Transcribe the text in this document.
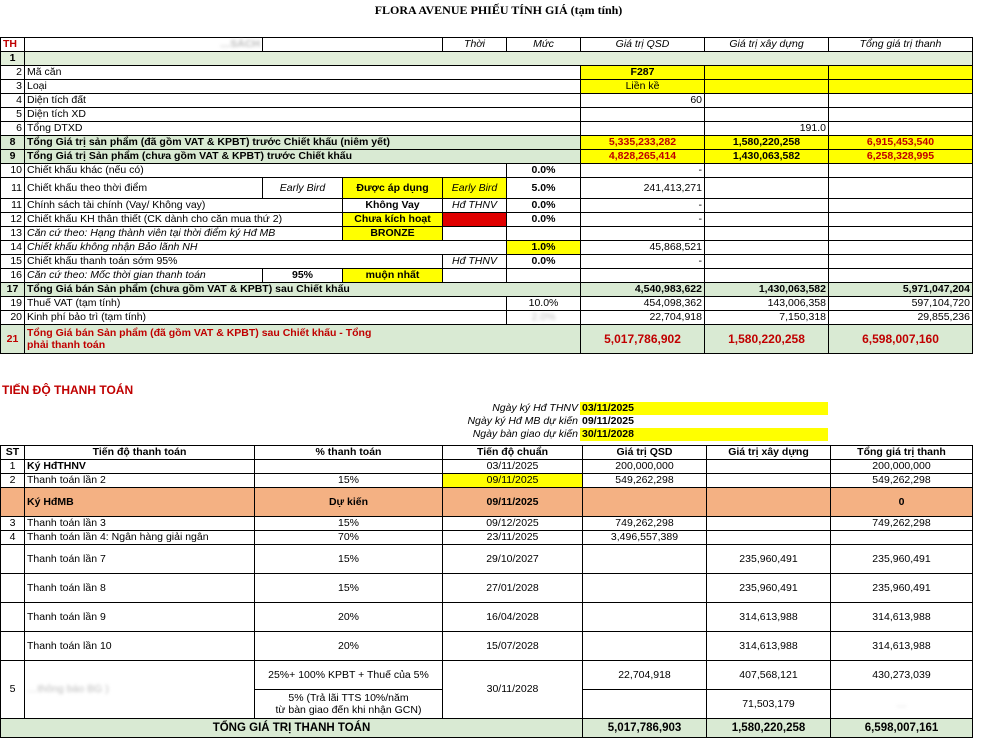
FLORA AVENUE PHIẾU TÍNH GIÁ (tạm tính)
TH	…SÁCH			Thời	Mức	Giá trị QSD	Giá trị xây dựng	Tổng giá trị thanh
1								
2	Mã căn					F287		
3	Loại					Liền kề		
4	Diện tích đất					60		
5	Diện tích XD							
6	Tổng DTXD						191.0	
8	Tổng Giá trị sản phẩm (đã gồm VAT & KPBT) trước Chiết khấu (niêm yết)					5,335,233,282	1,580,220,258	6,915,453,540
9	Tổng Giá trị Sản phẩm (chưa gồm VAT & KPBT) trước Chiết khấu					4,828,265,414	1,430,063,582	6,258,328,995
10	Chiết khấu khác (nếu có)				0.0%	-		
11	Chiết khấu theo thời điểm	Early Bird	Được áp dụng	Early Bird	5.0%	241,413,271		
11	Chính sách tài chính (Vay/ Không vay)		Không Vay	Hđ THNV	0.0%	-		
12	Chiết khấu KH thân thiết (CK dành cho căn mua thứ 2)		Chưa kích hoạt		0.0%	-		
13	Căn cứ theo: Hạng thành viên tại thời điểm ký Hđ MB		BRONZE					
14	Chiết khấu không nhận Bảo lãnh NH				1.0%	45,868,521		
15	Chiết khấu thanh toán sớm 95%			Hđ THNV	0.0%	-		
16	Căn cứ theo: Mốc thời gian thanh toán	95%	muộn nhất					
17	Tổng Giá bán Sản phẩm (chưa gồm VAT & KPBT) sau Chiết khấu					4,540,983,622	1,430,063,582	5,971,047,204
19	Thuế VAT (tạm tính)				10.0%	454,098,362	143,006,358	597,104,720
20	Kinh phí bảo trì (tạm tính)				2.0%	22,704,918	7,150,318	29,855,236
21	Tổng Giá bán Sản phẩm (đã gồm VAT & KPBT) sau Chiết khấu - Tổng
phải thanh toán					5,017,786,902	1,580,220,258	6,598,007,160
TIẾN ĐỘ THANH TOÁN
Ngày ký Hđ THNV	03/11/2025
Ngày ký Hđ MB dự kiến	09/11/2025
Ngày bàn giao dự kiến	30/11/2028
ST	Tiến độ thanh toán	% thanh toán	Tiến độ chuẩn	Giá trị QSD	Giá trị xây dựng	Tổng giá trị thanh
1	Ký HđTHNV		03/11/2025	200,000,000		200,000,000
2	Thanh toán lần 2	15%	09/11/2025	549,262,298		549,262,298
	Ký HđMB	Dự kiến	09/11/2025			0
3	Thanh toán lần 3	15%	09/12/2025	749,262,298		749,262,298
4	Thanh toán lần 4: Ngân hàng giải ngân	70%	23/11/2025	3,496,557,389		
	Thanh toán lần 7	15%	29/10/2027		235,960,491	235,960,491
	Thanh toán lần 8	15%	27/01/2028		235,960,491	235,960,491
	Thanh toán lần 9	20%	16/04/2028		314,613,988	314,613,988
	Thanh toán lần 10	20%	15/07/2028		314,613,988	314,613,988
5	…thông báo BG )	25%+ 100% KPBT + Thuế của 5%	30/11/2028	22,704,918	407,568,121	430,273,039
		5% (Trả lãi TTS 10%/năm
từ bàn giao đến khi nhận GCN)			71,503,179	…
TỔNG GIÁ TRỊ THANH TOÁN				5,017,786,903	1,580,220,258	6,598,007,161
